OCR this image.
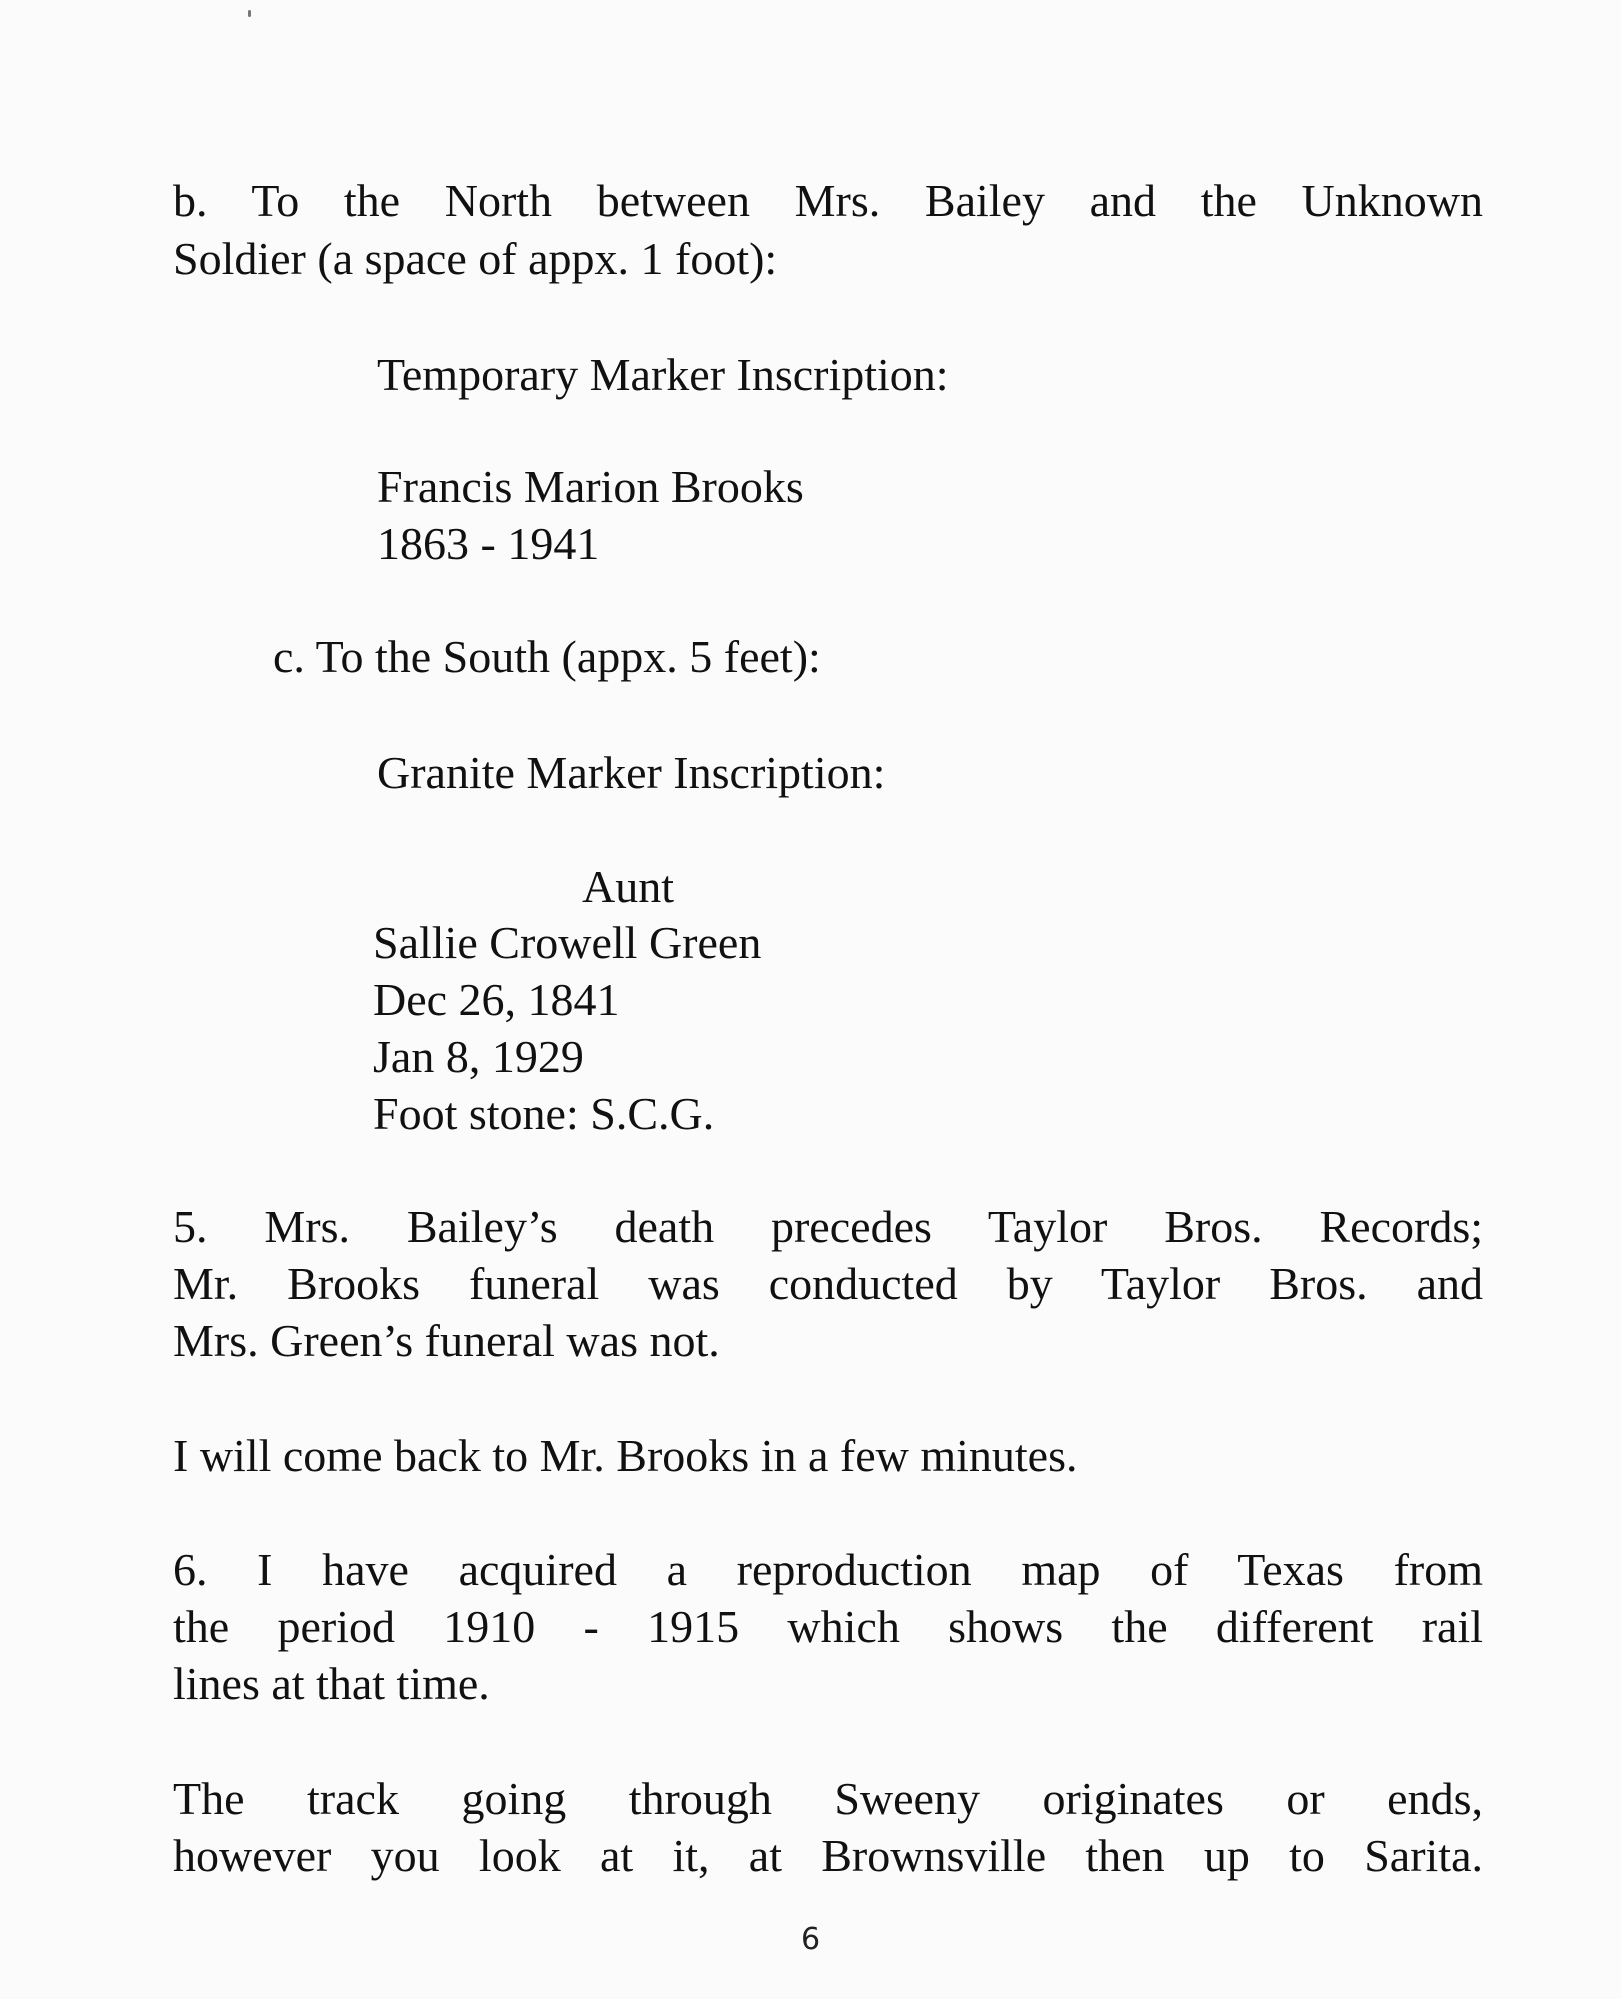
b. To the North between Mrs. Bailey and the Unknown
Soldier (a space of appx. 1 foot):
Temporary Marker Inscription:
Francis Marion Brooks
1863 - 1941
c. To the South (appx. 5 feet):
Granite Marker Inscription:
Aunt
Sallie Crowell Green
Dec 26, 1841
Jan 8, 1929
Foot stone: S.C.G.
5. Mrs. Bailey’s death precedes Taylor Bros. Records;
Mr. Brooks funeral was conducted by Taylor Bros. and
Mrs. Green’s funeral was not.
I will come back to Mr. Brooks in a few minutes.
6. I have acquired a reproduction map of Texas from
the period 1910 - 1915 which shows the different rail
lines at that time.
The track going through Sweeny originates or ends,
however you look at it, at Brownsville then up to Sarita.
6
